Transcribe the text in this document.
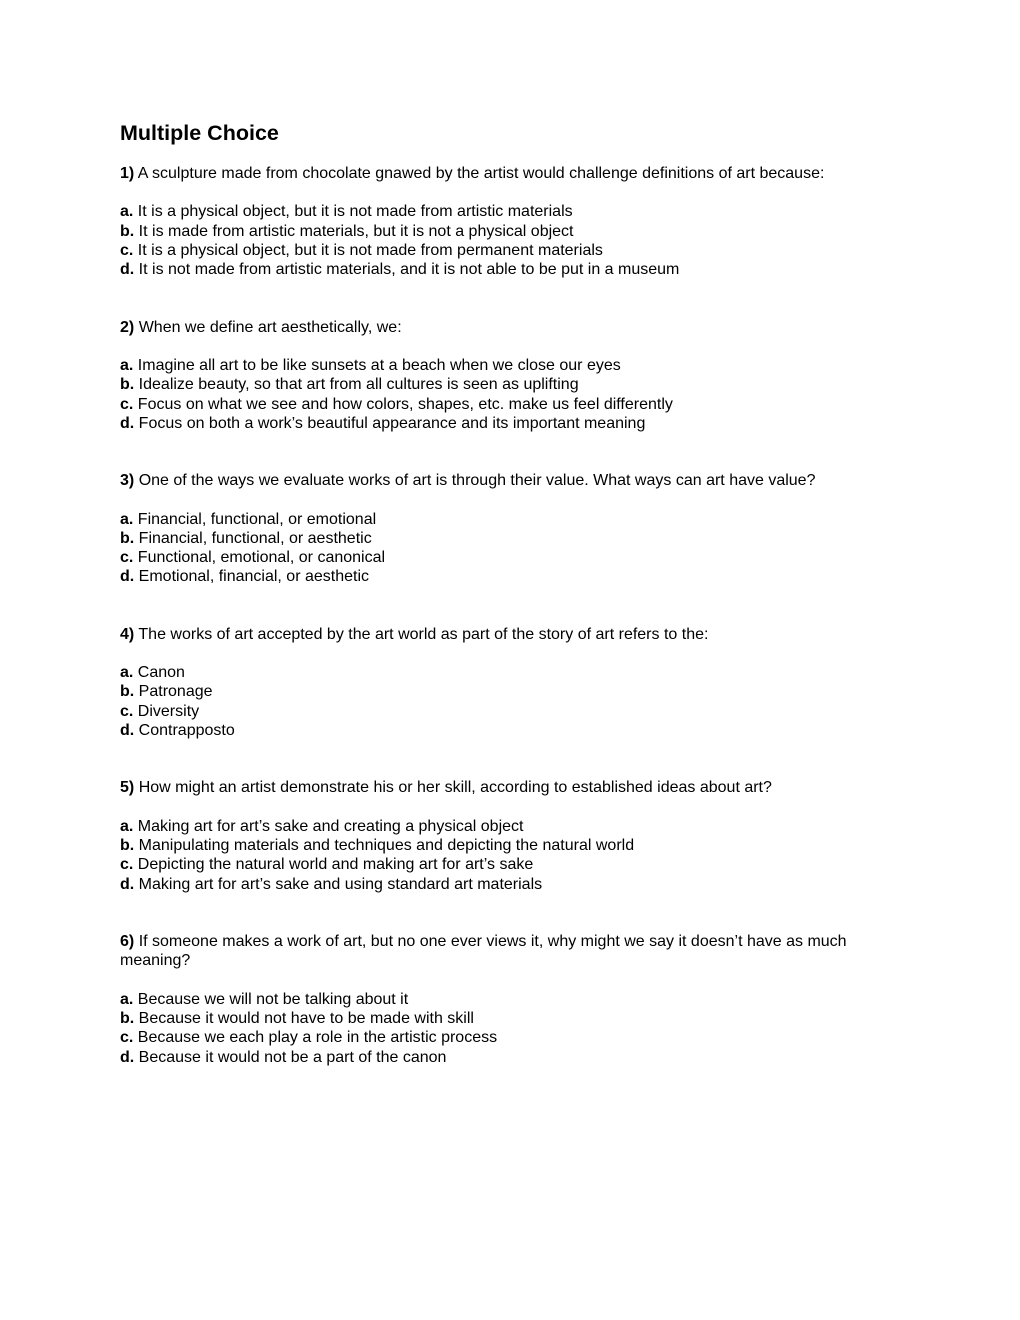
Multiple Choice

1) A sculpture made from chocolate gnawed by the artist would challenge definitions of art because:

a. It is a physical object, but it is not made from artistic materials
b. It is made from artistic materials, but it is not a physical object
c. It is a physical object, but it is not made from permanent materials
d. It is not made from artistic materials, and it is not able to be put in a museum

2) When we define art aesthetically, we:

a. Imagine all art to be like sunsets at a beach when we close our eyes
b. Idealize beauty, so that art from all cultures is seen as uplifting
c. Focus on what we see and how colors, shapes, etc. make us feel differently
d. Focus on both a work’s beautiful appearance and its important meaning

3) One of the ways we evaluate works of art is through their value. What ways can art have value?

a. Financial, functional, or emotional
b. Financial, functional, or aesthetic
c. Functional, emotional, or canonical
d. Emotional, financial, or aesthetic

4) The works of art accepted by the art world as part of the story of art refers to the:

a. Canon
b. Patronage
c. Diversity
d. Contrapposto

5) How might an artist demonstrate his or her skill, according to established ideas about art?

a. Making art for art’s sake and creating a physical object
b. Manipulating materials and techniques and depicting the natural world
c. Depicting the natural world and making art for art’s sake
d. Making art for art’s sake and using standard art materials

6) If someone makes a work of art, but no one ever views it, why might we say it doesn’t have as much meaning?

a. Because we will not be talking about it
b. Because it would not have to be made with skill
c. Because we each play a role in the artistic process
d. Because it would not be a part of the canon
